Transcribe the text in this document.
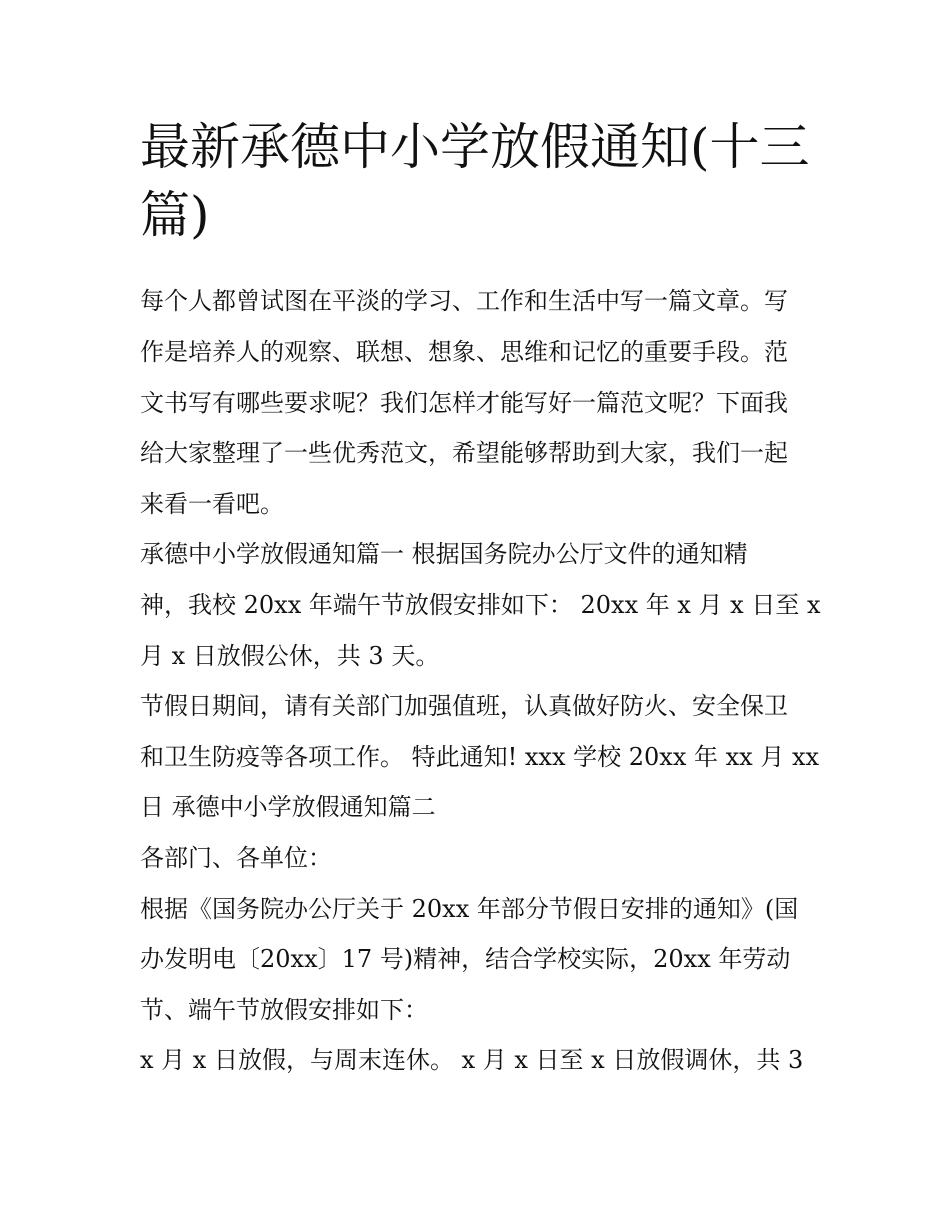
最新承德中小学放假通知(十三
篇)
每个人都曾试图在平淡的学习、工作和生活中写一篇文章。写
作是培养人的观察、联想、想象、思维和记忆的重要手段。范
文书写有哪些要求呢？我们怎样才能写好一篇范文呢？下面我
给大家整理了一些优秀范文，希望能够帮助到大家，我们一起
来看一看吧。
承德中小学放假通知篇一 根据国务院办公厅文件的通知精
神，我校 20xx 年端午节放假安排如下： 20xx 年 x 月 x 日至 x
月 x 日放假公休，共 3 天。
节假日期间，请有关部门加强值班，认真做好防火、安全保卫
和卫生防疫等各项工作。 特此通知! xxx 学校 20xx 年 xx 月 xx
日 承德中小学放假通知篇二
各部门、各单位：
根据《国务院办公厅关于 20xx 年部分节假日安排的通知》(国
办发明电〔20xx〕17 号)精神，结合学校实际，20xx 年劳动
节、端午节放假安排如下：
x 月 x 日放假，与周末连休。 x 月 x 日至 x 日放假调休，共 3
